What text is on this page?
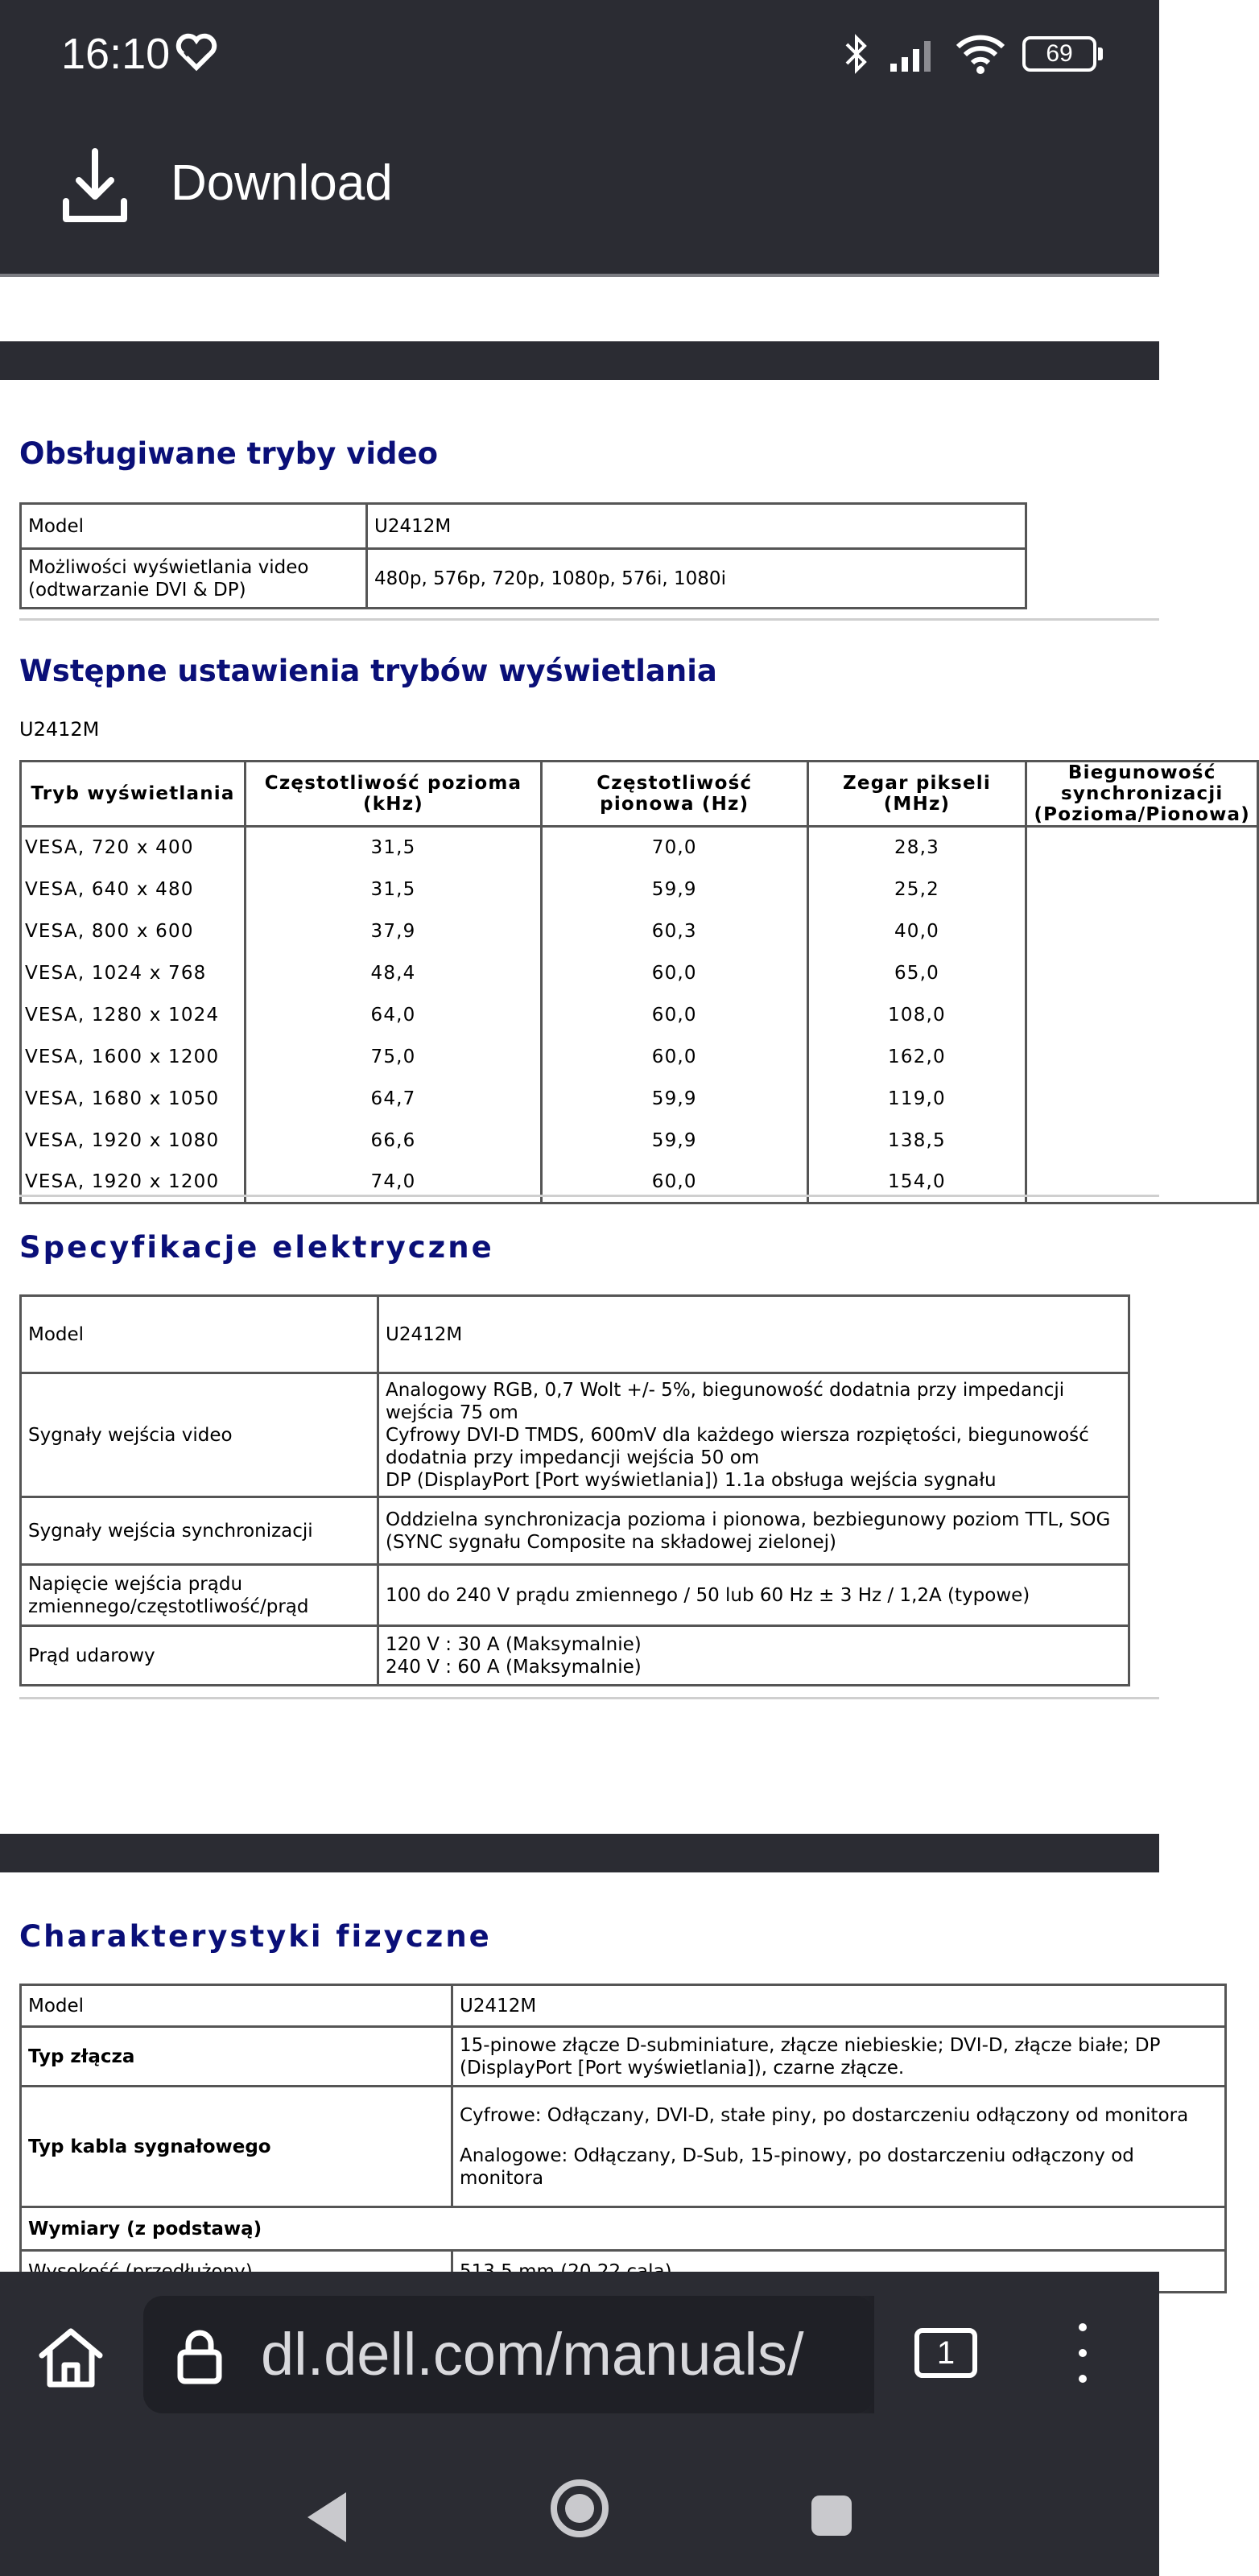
16:10	69
Download
Obsługiwane tryby video
Model	U2412M
Możliwości wyświetlania video (odtwarzanie DVI & DP)	480p, 576p, 720p, 1080p, 576i, 1080i
Wstępne ustawienia trybów wyświetlania
U2412M
Tryb wyświetlania	Częstotliwość pozioma (kHz)	Częstotliwość pionowa (Hz)	Zegar pikseli (MHz)	Biegunowość synchronizacji (Pozioma/Pionowa)
VESA, 720 x 400	31,5	70,0	28,3	
VESA, 640 x 480	31,5	59,9	25,2	
VESA, 800 x 600	37,9	60,3	40,0	
VESA, 1024 x 768	48,4	60,0	65,0	
VESA, 1280 x 1024	64,0	60,0	108,0	
VESA, 1600 x 1200	75,0	60,0	162,0	
VESA, 1680 x 1050	64,7	59,9	119,0	
VESA, 1920 x 1080	66,6	59,9	138,5	
VESA, 1920 x 1200	74,0	60,0	154,0	
Specyfikacje elektryczne
Model	U2412M
Sygnały wejścia video	Analogowy RGB, 0,7 Wolt +/- 5%, biegunowość dodatnia przy impedancji wejścia 75 om
Cyfrowy DVI-D TMDS, 600mV dla każdego wiersza rozpiętości, biegunowość dodatnia przy impedancji wejścia 50 om
DP (DisplayPort [Port wyświetlania]) 1.1a obsługa wejścia sygnału

Sygnały wejścia synchronizacji	Oddzielna synchronizacja pozioma i pionowa, bezbiegunowy poziom TTL, SOG (SYNC sygnału Composite na składowej zielonej)
Napięcie wejścia prądu zmiennego/częstotliwość/prąd	100 do 240 V prądu zmiennego / 50 lub 60 Hz ± 3 Hz / 1,2A (typowe)
Prąd udarowy	120 V : 30 A (Maksymalnie)
240 V : 60 A (Maksymalnie)
Charakterystyki fizyczne
Model	U2412M
Typ złącza	15-pinowe złącze D-subminiature, złącze niebieskie; DVI-D, złącze białe; DP (DisplayPort [Port wyświetlania]), czarne złącze.
Typ kabla sygnałowego	Cyfrowe: Odłączany, DVI-D, stałe piny, po dostarczeniu odłączony od monitora
Analogowe: Odłączany, D-Sub, 15-pinowy, po dostarczeniu odłączony od monitora

Wymiary (z podstawą)	

dl.dell.com/manuals/	1
